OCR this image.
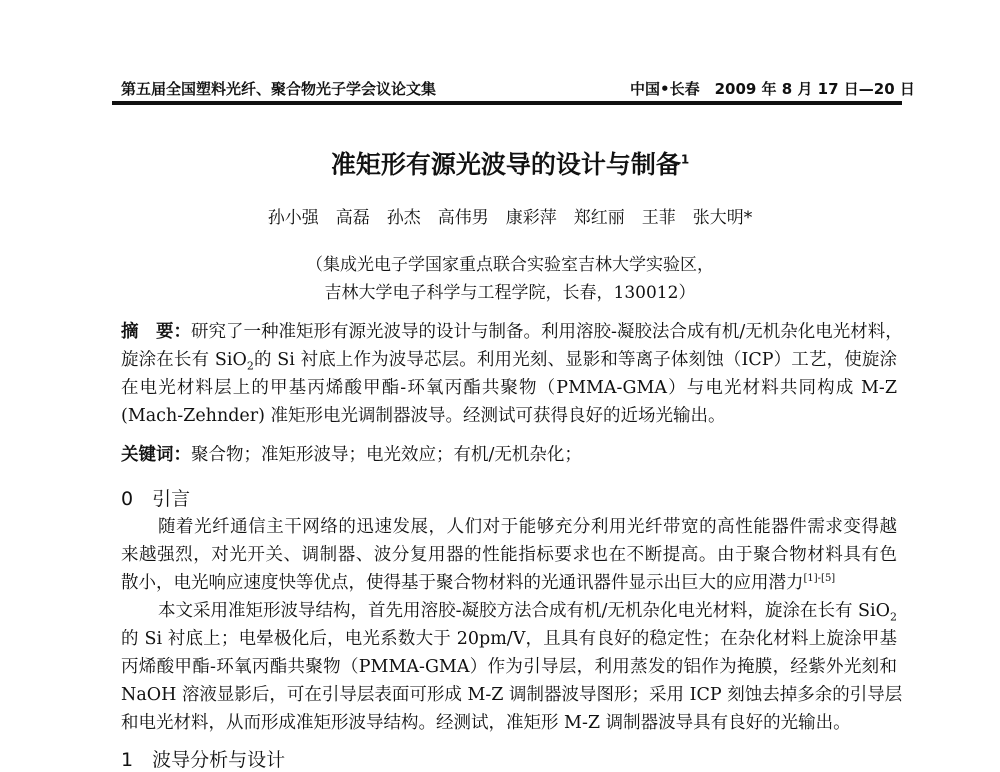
第五届全国塑料光纤、聚合物光子学会议论文集	中国•长春　2009 年 8 月 17 日—20 日
准矩形有源光波导的设计与制备$^1$
孙小强　高磊　孙杰　高伟男　康彩萍　郑红丽　王菲　张大明*
（集成光电子学国家重点联合实验室吉林大学实验区，
吉林大学电子科学与工程学院，长春，130012）
摘　要：研究了一种准矩形有源光波导的设计与制备。利用溶胶-凝胶法合成有机/无机杂化电光材料，
旋涂在长有 SiO$_2$的 Si 衬底上作为波导芯层。利用光刻、显影和等离子体刻蚀（ICP）工艺，使旋涂
在电光材料层上的甲基丙烯酸甲酯-环氧丙酯共聚物（PMMA-GMA）与电光材料共同构成 M-Z
(Mach-Zehnder) 准矩形电光调制器波导。经测试可获得良好的近场光输出。
关键词：聚合物；准矩形波导；电光效应；有机/无机杂化；
0　引言
随着光纤通信主干网络的迅速发展，人们对于能够充分利用光纤带宽的高性能器件需求变得越
来越强烈，对光开关、调制器、波分复用器的性能指标要求也在不断提高。由于聚合物材料具有色
散小，电光响应速度快等优点，使得基于聚合物材料的光通讯器件显示出巨大的应用潜力[1]-[5]
本文采用准矩形波导结构，首先用溶胶-凝胶方法合成有机/无机杂化电光材料，旋涂在长有 SiO$_2$
的 Si 衬底上；电晕极化后，电光系数大于 20pm/V，且具有良好的稳定性；在杂化材料上旋涂甲基
丙烯酸甲酯-环氧丙酯共聚物（PMMA-GMA）作为引导层，利用蒸发的铝作为掩膜，经紫外光刻和
NaOH 溶液显影后，可在引导层表面可形成 M-Z 调制器波导图形；采用 ICP 刻蚀去掉多余的引导层
和电光材料，从而形成准矩形波导结构。经测试，准矩形 M-Z 调制器波导具有良好的光输出。
1　波导分析与设计
